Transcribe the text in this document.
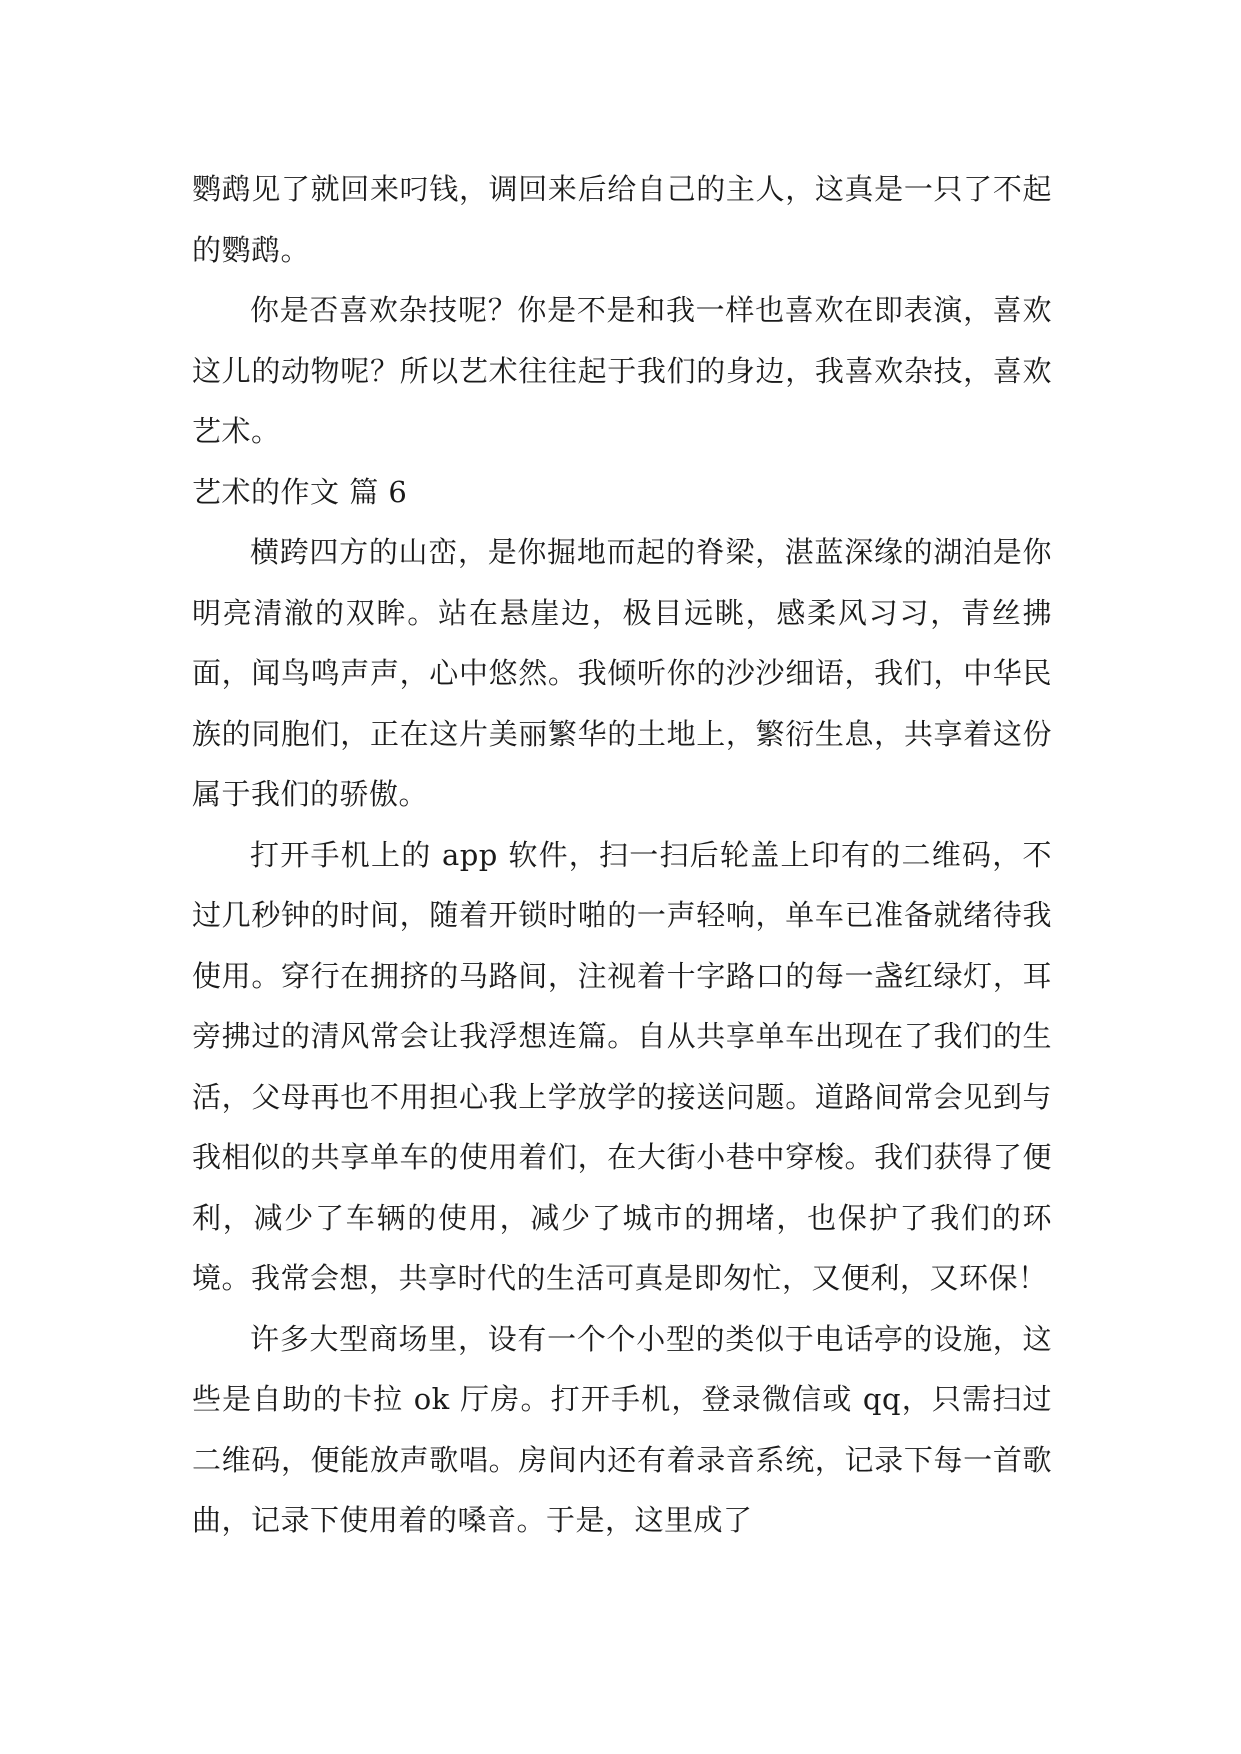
鹦鹉见了就回来叼钱，调回来后给自己的主人，这真是一只了不起的鹦鹉。

你是否喜欢杂技呢？你是不是和我一样也喜欢在即表演，喜欢这儿的动物呢？所以艺术往往起于我们的身边，我喜欢杂技，喜欢艺术。

艺术的作文 篇 6

横跨四方的山峦，是你掘地而起的脊梁，湛蓝深缘的湖泊是你明亮清澈的双眸。站在悬崖边，极目远眺，感柔风习习，青丝拂面，闻鸟鸣声声，心中悠然。我倾听你的沙沙细语，我们，中华民族的同胞们，正在这片美丽繁华的土地上，繁衍生息，共享着这份属于我们的骄傲。

打开手机上的 app 软件，扫一扫后轮盖上印有的二维码，不过几秒钟的时间，随着开锁时啪的一声轻响，单车已准备就绪待我使用。穿行在拥挤的马路间，注视着十字路口的每一盏红绿灯，耳旁拂过的清风常会让我浮想连篇。自从共享单车出现在了我们的生活，父母再也不用担心我上学放学的接送问题。道路间常会见到与我相似的共享单车的使用着们，在大街小巷中穿梭。我们获得了便利，减少了车辆的使用，减少了城市的拥堵，也保护了我们的环境。我常会想，共享时代的生活可真是即匆忙，又便利，又环保！

许多大型商场里，设有一个个小型的类似于电话亭的设施，这些是自助的卡拉 ok 厅房。打开手机，登录微信或 qq，只需扫过二维码，便能放声歌唱。房间内还有着录音系统，记录下每一首歌曲，记录下使用着的嗓音。于是，这里成了
